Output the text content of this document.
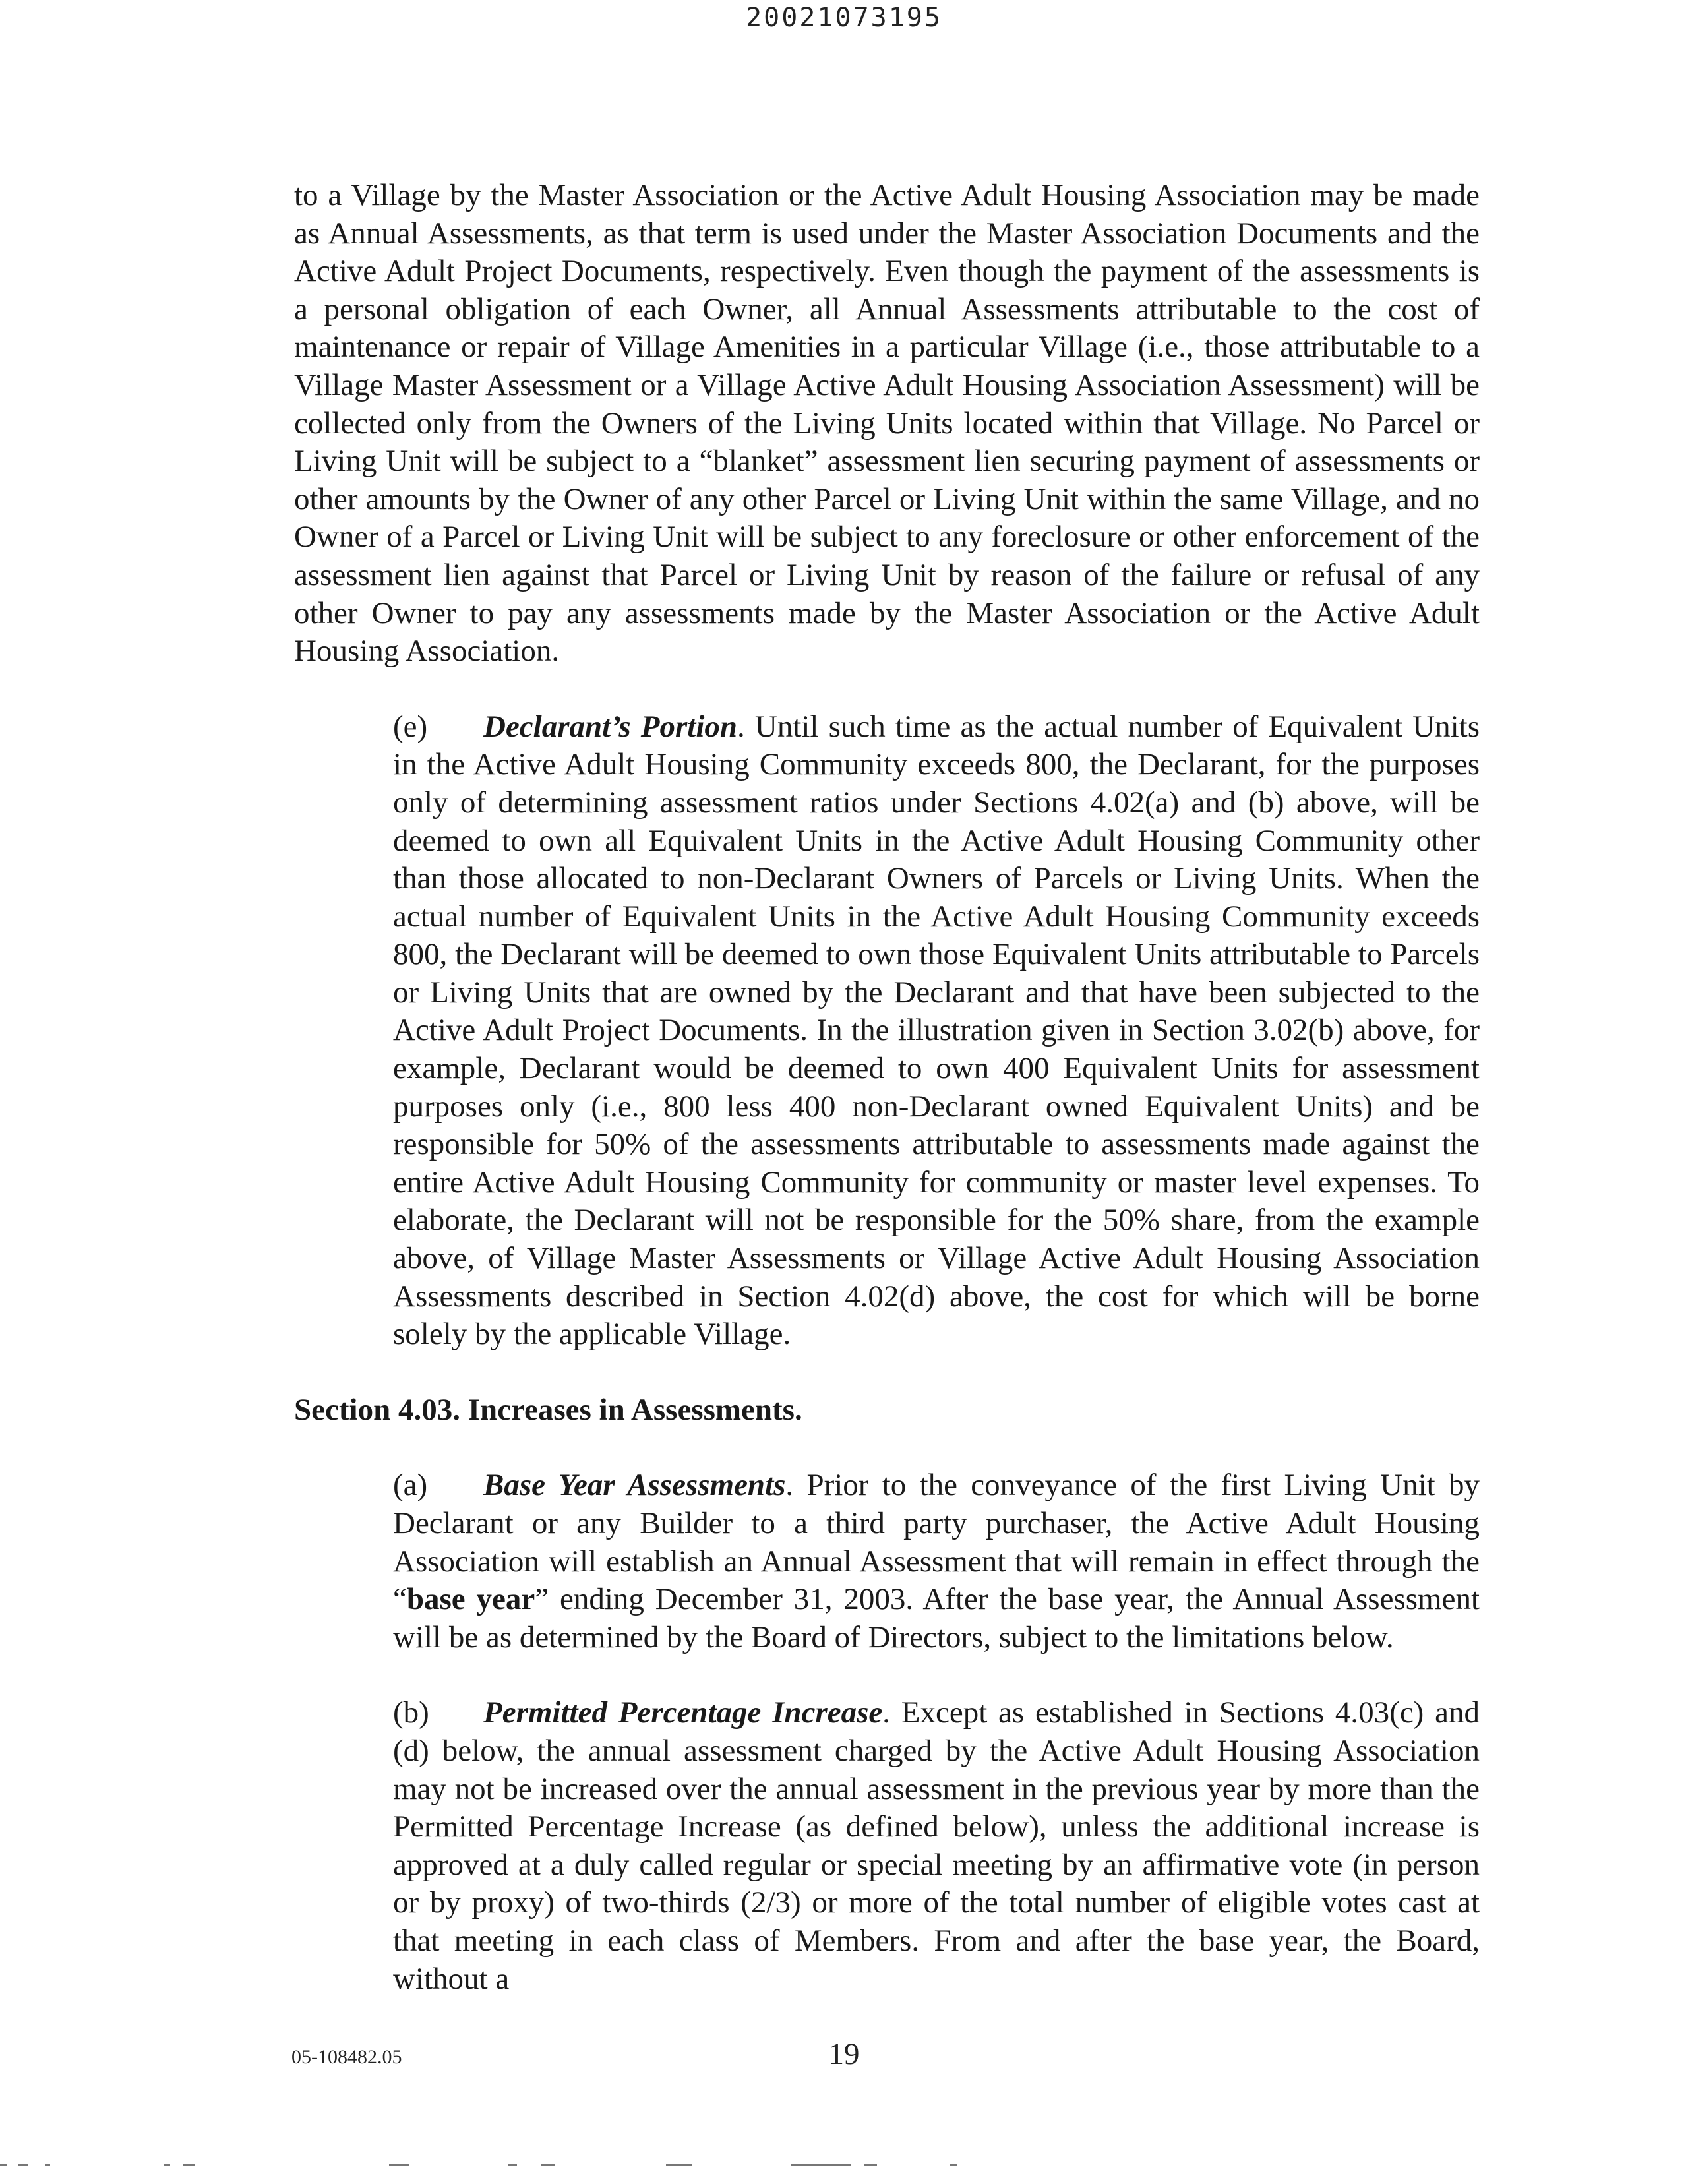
20021073195

to a Village by the Master Association or the Active Adult Housing Association may be made as Annual Assessments, as that term is used under the Master Association Documents and the Active Adult Project Documents, respectively. Even though the payment of the assessments is a personal obligation of each Owner, all Annual Assessments attributable to the cost of maintenance or repair of Village Amenities in a particular Village (i.e., those attributable to a Village Master Assessment or a Village Active Adult Housing Association Assessment) will be collected only from the Owners of the Living Units located within that Village. No Parcel or Living Unit will be subject to a “blanket” assessment lien securing payment of assessments or other amounts by the Owner of any other Parcel or Living Unit within the same Village, and no Owner of a Parcel or Living Unit will be subject to any foreclosure or other enforcement of the assessment lien against that Parcel or Living Unit by reason of the failure or refusal of any other Owner to pay any assessments made by the Master Association or the Active Adult Housing Association.

(e) Declarant’s Portion. Until such time as the actual number of Equivalent Units in the Active Adult Housing Community exceeds 800, the Declarant, for the purposes only of determining assessment ratios under Sections 4.02(a) and (b) above, will be deemed to own all Equivalent Units in the Active Adult Housing Community other than those allocated to non-Declarant Owners of Parcels or Living Units. When the actual number of Equivalent Units in the Active Adult Housing Community exceeds 800, the Declarant will be deemed to own those Equivalent Units attributable to Parcels or Living Units that are owned by the Declarant and that have been subjected to the Active Adult Project Documents. In the illustration given in Section 3.02(b) above, for example, Declarant would be deemed to own 400 Equivalent Units for assessment purposes only (i.e., 800 less 400 non-Declarant owned Equivalent Units) and be responsible for 50% of the assessments attributable to assessments made against the entire Active Adult Housing Community for community or master level expenses. To elaborate, the Declarant will not be responsible for the 50% share, from the example above, of Village Master Assessments or Village Active Adult Housing Association Assessments described in Section 4.02(d) above, the cost for which will be borne solely by the applicable Village.

Section 4.03. Increases in Assessments.

(a) Base Year Assessments. Prior to the conveyance of the first Living Unit by Declarant or any Builder to a third party purchaser, the Active Adult Housing Association will establish an Annual Assessment that will remain in effect through the “base year” ending December 31, 2003. After the base year, the Annual Assessment will be as determined by the Board of Directors, subject to the limitations below.

(b) Permitted Percentage Increase. Except as established in Sections 4.03(c) and (d) below, the annual assessment charged by the Active Adult Housing Association may not be increased over the annual assessment in the previous year by more than the Permitted Percentage Increase (as defined below), unless the additional increase is approved at a duly called regular or special meeting by an affirmative vote (in person or by proxy) of two-thirds (2/3) or more of the total number of eligible votes cast at that meeting in each class of Members. From and after the base year, the Board, without a

05-108482.05	19
